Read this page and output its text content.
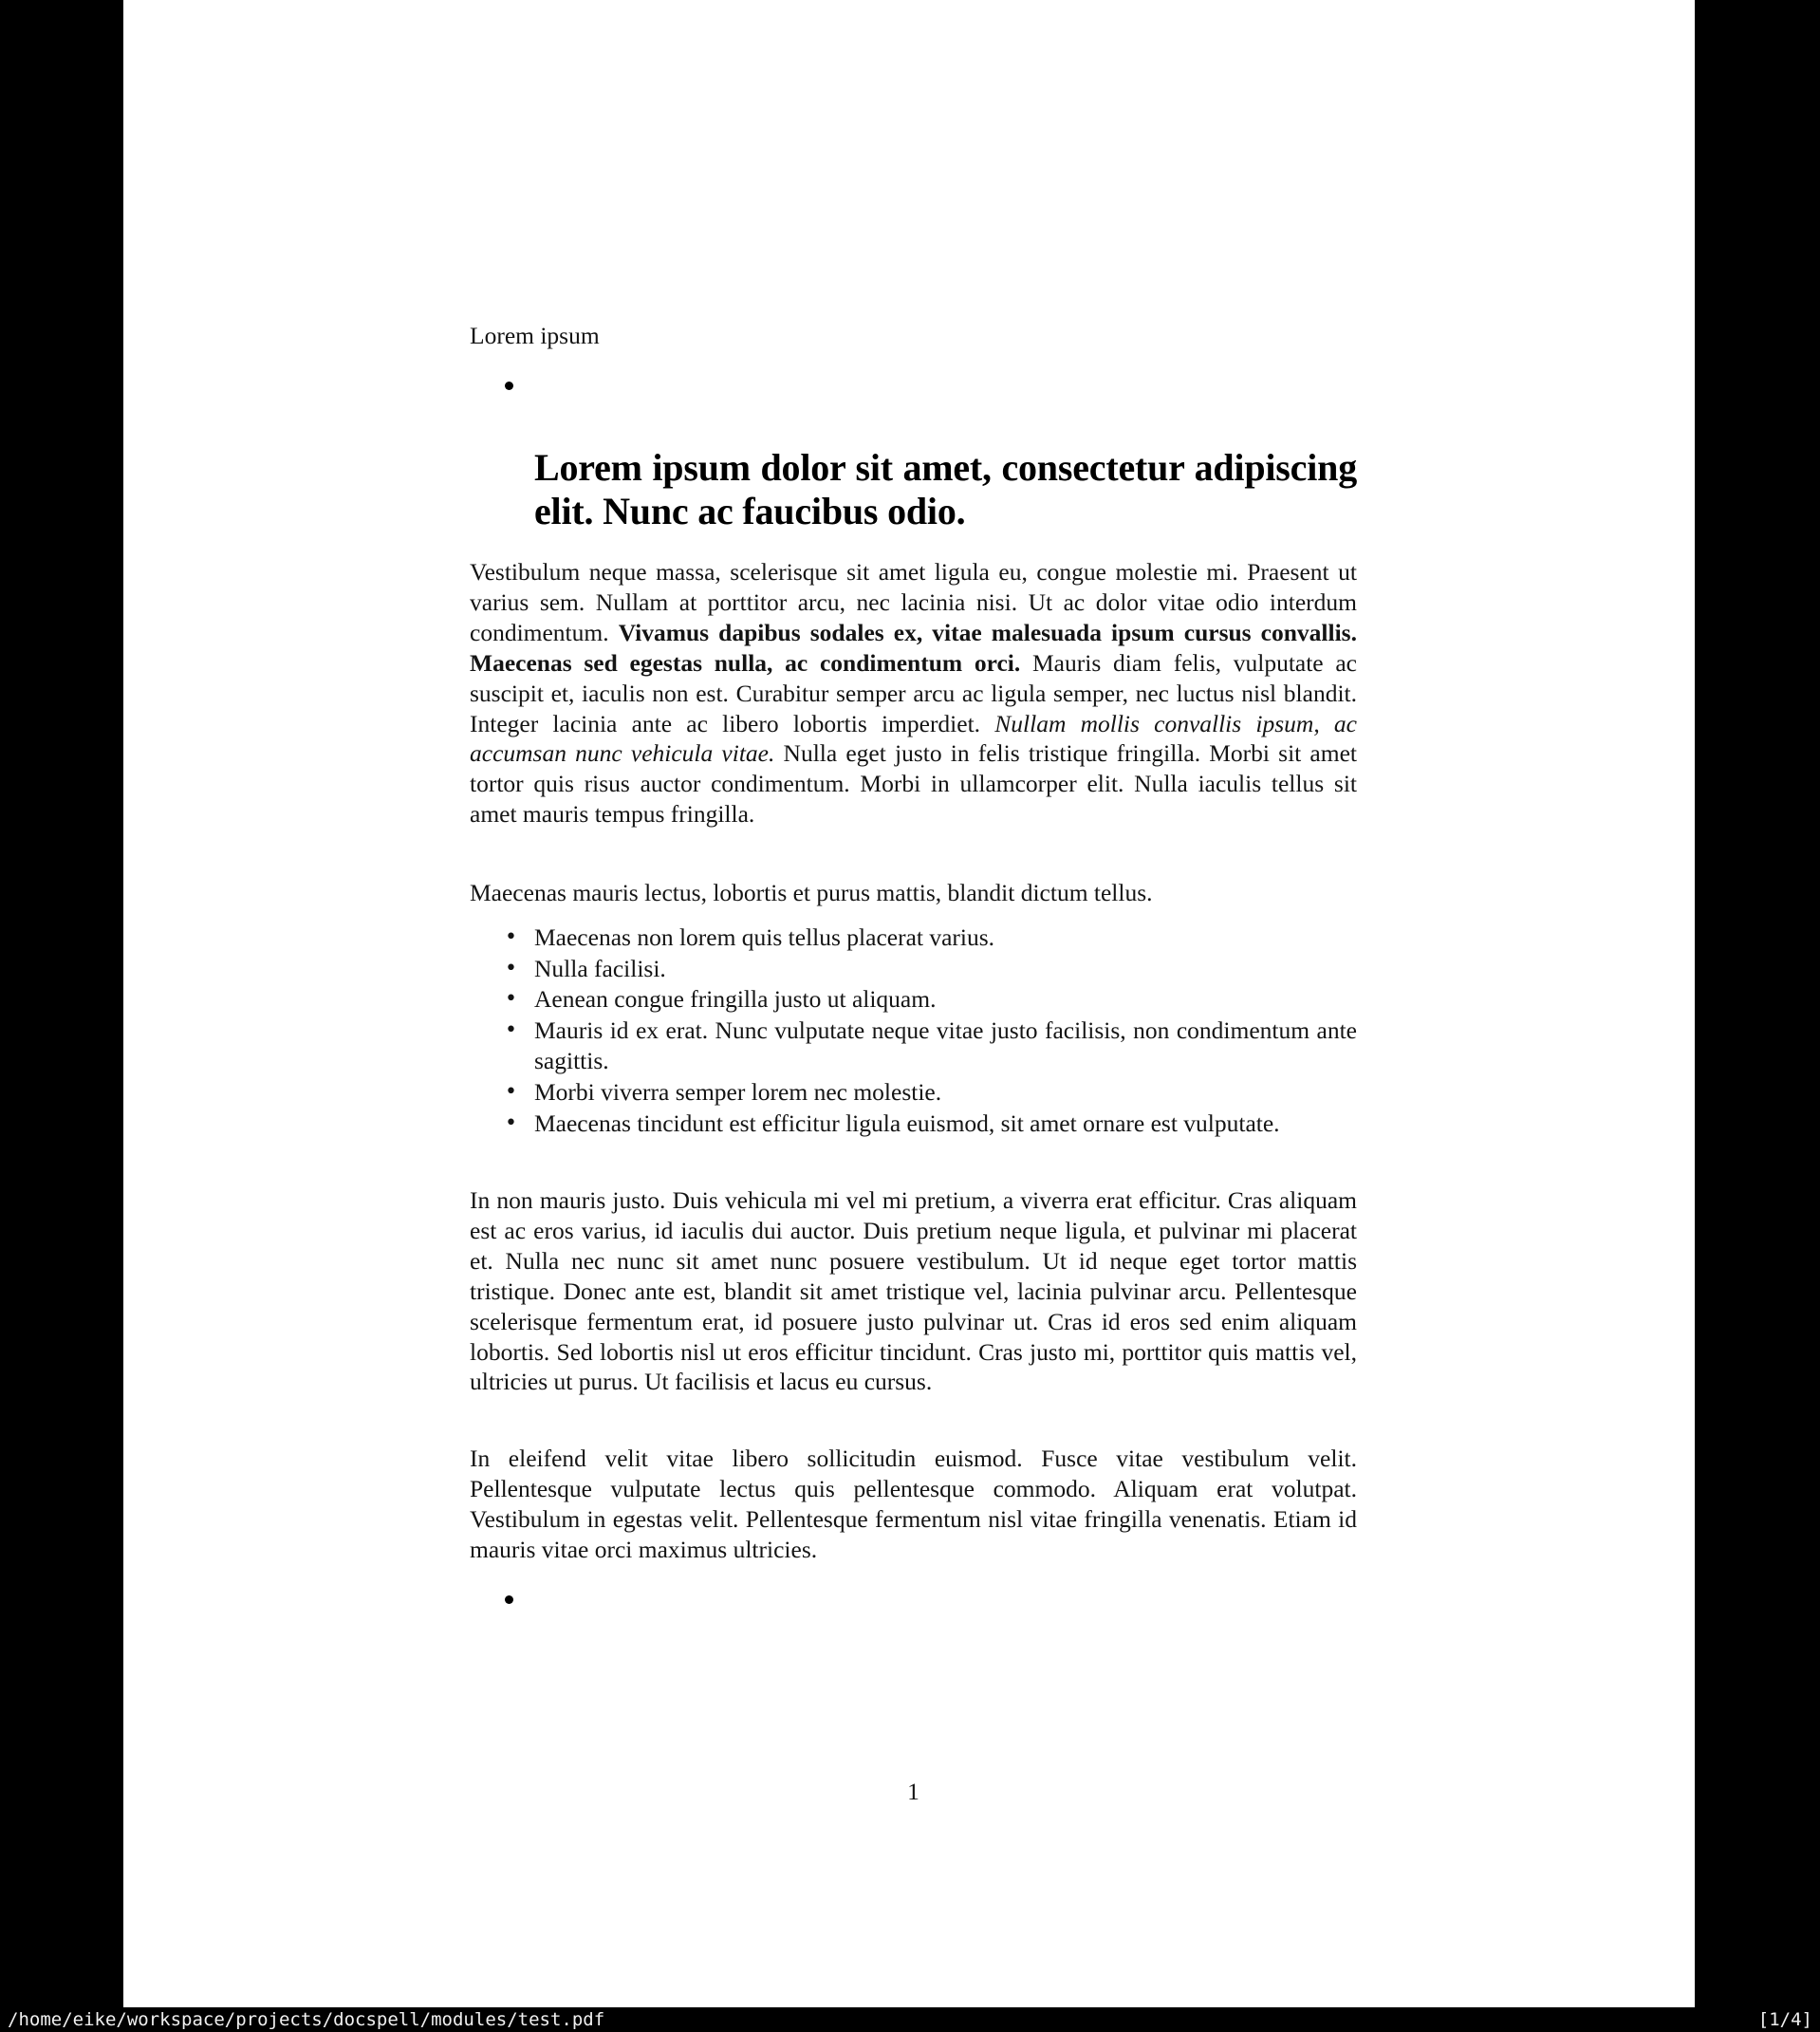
Lorem ipsum
Lorem ipsum dolor sit amet, consectetur adipiscing elit. Nunc ac faucibus odio.
Vestibulum neque massa, scelerisque sit amet ligula eu, congue molestie mi. Praesent ut varius sem. Nullam at porttitor arcu, nec lacinia nisi. Ut ac dolor vitae odio interdum condimentum. Vivamus dapibus sodales ex, vitae malesuada ipsum cursus convallis. Maecenas sed egestas nulla, ac condimentum orci. Mauris diam felis, vulputate ac suscipit et, iaculis non est. Curabitur semper arcu ac ligula semper, nec luctus nisl blandit. Integer lacinia ante ac libero lobortis imperdiet. Nullam mollis convallis ipsum, ac accumsan nunc vehicula vitae. Nulla eget justo in felis tristique fringilla. Morbi sit amet tortor quis risus auctor condimentum. Morbi in ullamcorper elit. Nulla iaculis tellus sit amet mauris tempus fringilla.
Maecenas mauris lectus, lobortis et purus mattis, blandit dictum tellus.
• Maecenas non lorem quis tellus placerat varius.
• Nulla facilisi.
• Aenean congue fringilla justo ut aliquam.
• Mauris id ex erat. Nunc vulputate neque vitae justo facilisis, non condimentum ante sagittis.
• Morbi viverra semper lorem nec molestie.
• Maecenas tincidunt est efficitur ligula euismod, sit amet ornare est vulputate.
In non mauris justo. Duis vehicula mi vel mi pretium, a viverra erat efficitur. Cras aliquam est ac eros varius, id iaculis dui auctor. Duis pretium neque ligula, et pulvinar mi placerat et. Nulla nec nunc sit amet nunc posuere vestibulum. Ut id neque eget tortor mattis tristique. Donec ante est, blandit sit amet tristique vel, lacinia pulvinar arcu. Pellentesque scelerisque fermentum erat, id posuere justo pulvinar ut. Cras id eros sed enim aliquam lobortis. Sed lobortis nisl ut eros efficitur tincidunt. Cras justo mi, porttitor quis mattis vel, ultricies ut purus. Ut facilisis et lacus eu cursus.
In eleifend velit vitae libero sollicitudin euismod. Fusce vitae vestibulum velit. Pellentesque vulputate lectus quis pellentesque commodo. Aliquam erat volutpat. Vestibulum in egestas velit. Pellentesque fermentum nisl vitae fringilla venenatis. Etiam id mauris vitae orci maximus ultricies.
1
/home/eike/workspace/projects/docspell/modules/test.pdf	[1/4]
